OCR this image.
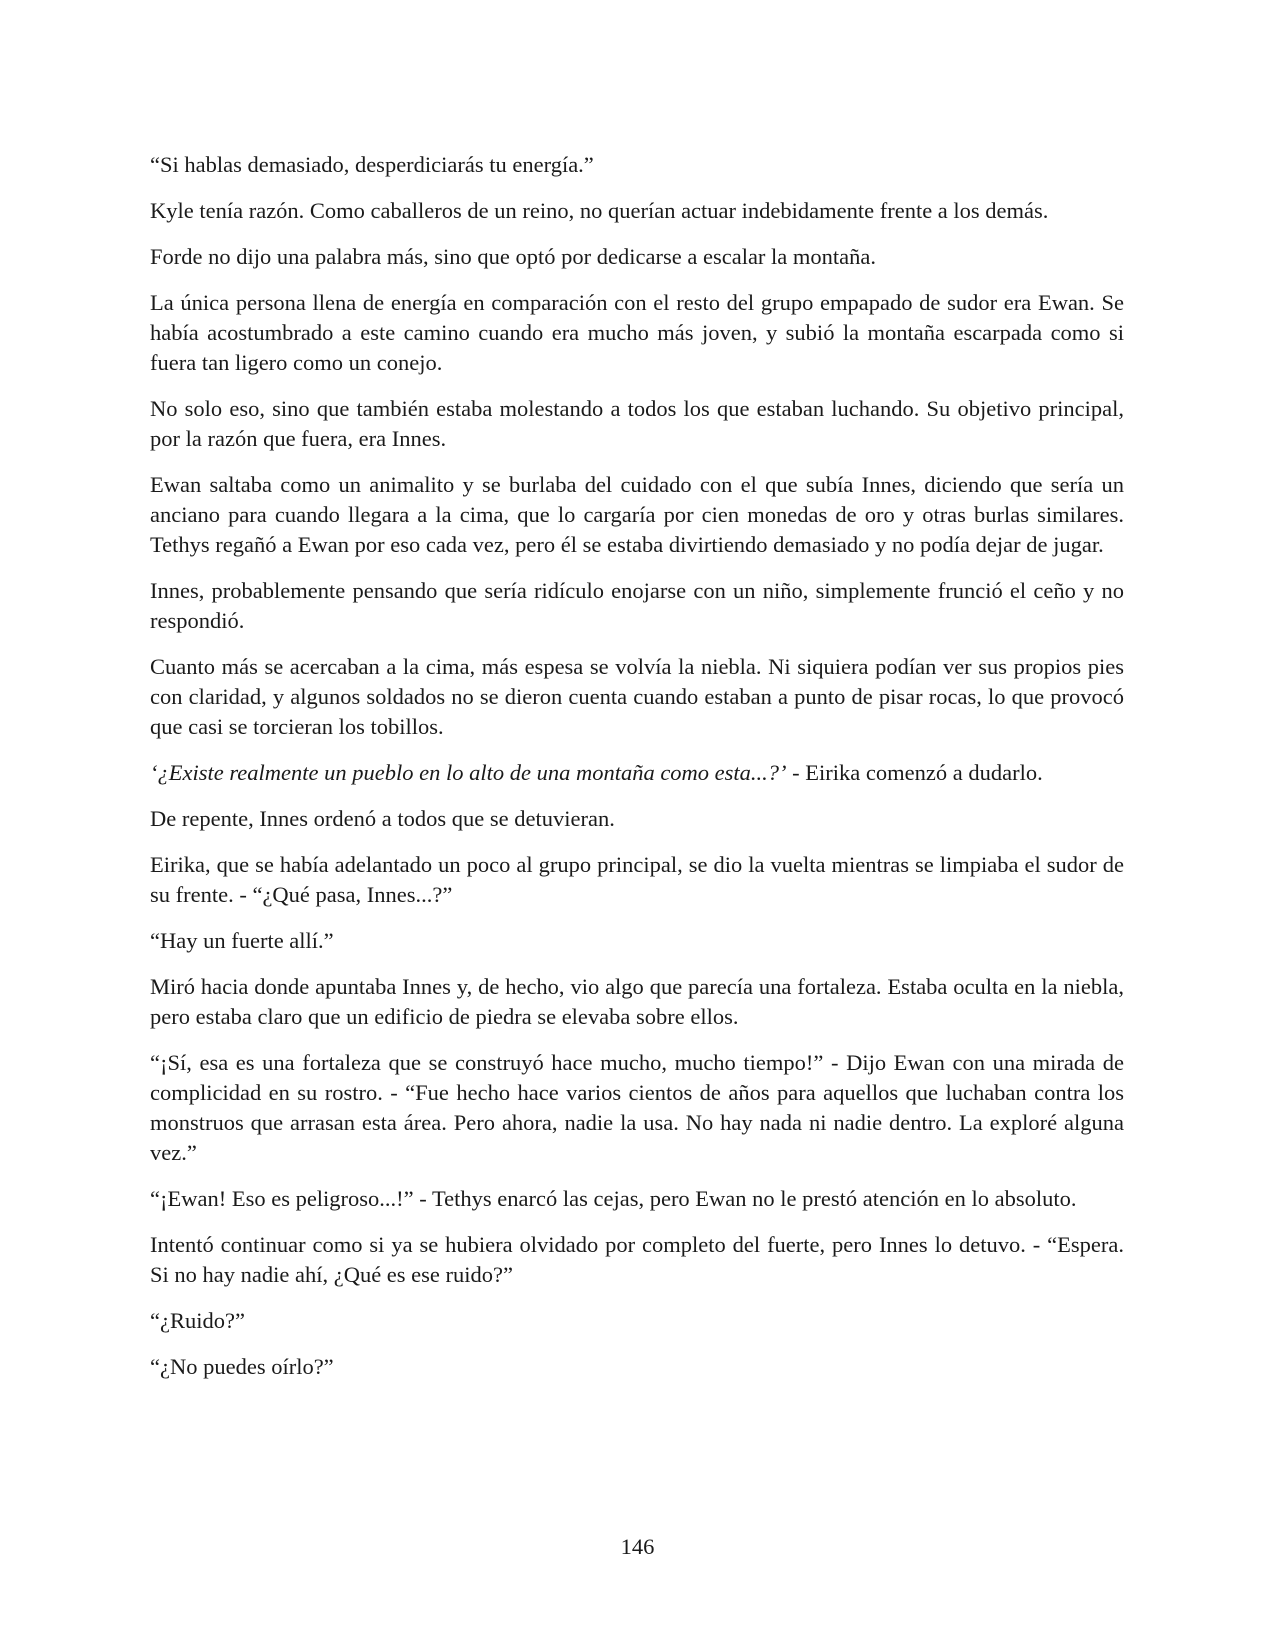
“Si hablas demasiado, desperdiciarás tu energía.”

Kyle tenía razón. Como caballeros de un reino, no querían actuar indebidamente frente a los demás.

Forde no dijo una palabra más, sino que optó por dedicarse a escalar la montaña.

La única persona llena de energía en comparación con el resto del grupo empapado de sudor era Ewan. Se había acostumbrado a este camino cuando era mucho más joven, y subió la montaña escarpada como si fuera tan ligero como un conejo.

No solo eso, sino que también estaba molestando a todos los que estaban luchando. Su objetivo principal, por la razón que fuera, era Innes.

Ewan saltaba como un animalito y se burlaba del cuidado con el que subía Innes, diciendo que sería un anciano para cuando llegara a la cima, que lo cargaría por cien monedas de oro y otras burlas similares. Tethys regañó a Ewan por eso cada vez, pero él se estaba divirtiendo demasiado y no podía dejar de jugar.

Innes, probablemente pensando que sería ridículo enojarse con un niño, simplemente frunció el ceño y no respondió.

Cuanto más se acercaban a la cima, más espesa se volvía la niebla. Ni siquiera podían ver sus propios pies con claridad, y algunos soldados no se dieron cuenta cuando estaban a punto de pisar rocas, lo que provocó que casi se torcieran los tobillos.

‘¿Existe realmente un pueblo en lo alto de una montaña como esta...?’ - Eirika comenzó a dudarlo.

De repente, Innes ordenó a todos que se detuvieran.

Eirika, que se había adelantado un poco al grupo principal, se dio la vuelta mientras se limpiaba el sudor de su frente. - “¿Qué pasa, Innes...?”

“Hay un fuerte allí.”

Miró hacia donde apuntaba Innes y, de hecho, vio algo que parecía una fortaleza. Estaba oculta en la niebla, pero estaba claro que un edificio de piedra se elevaba sobre ellos.

“¡Sí, esa es una fortaleza que se construyó hace mucho, mucho tiempo!” - Dijo Ewan con una mirada de complicidad en su rostro. - “Fue hecho hace varios cientos de años para aquellos que luchaban contra los monstruos que arrasan esta área. Pero ahora, nadie la usa. No hay nada ni nadie dentro. La exploré alguna vez.”

“¡Ewan! Eso es peligroso...!” - Tethys enarcó las cejas, pero Ewan no le prestó atención en lo absoluto.

Intentó continuar como si ya se hubiera olvidado por completo del fuerte, pero Innes lo detuvo. - “Espera. Si no hay nadie ahí, ¿Qué es ese ruido?”

“¿Ruido?”

“¿No puedes oírlo?”

146
